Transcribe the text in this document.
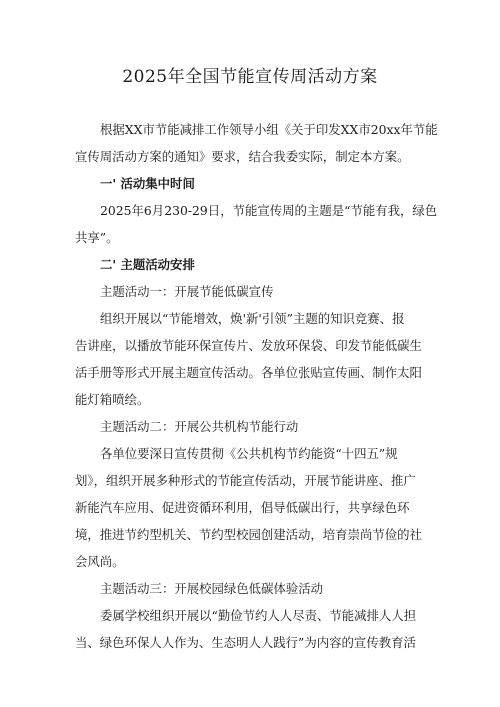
2025年全国节能宣传周活动方案
根据XX市节能减排工作领导小组《关于印发XX市20xx年节能
宣传周活动方案的通知》要求，结合我委实际，制定本方案。
一' 活动集中时间
2025年6月230-29日，节能宣传周的主题是“节能有我，绿色
共享”。
二' 主题活动安排
主题活动一：开展节能低碳宣传
组织开展以“节能增效，焕'新'引领”主题的知识竞赛、报
告讲座，以播放节能环保宣传片、发放环保袋、印发节能低碳生
活手册等形式开展主题宣传活动。各单位张贴宣传画、制作太阳
能灯箱喷绘。
主题活动二：开展公共机构节能行动
各单位要深日宣传贯彻《公共机构节约能资“十四五”规
划》，组织开展多种形式的节能宣传活动，开展节能讲座、推广
新能汽车应用、促进资循环利用，倡导低碳出行，共享绿色环
境，推进节约型机关、节约型校园创建活动，培育崇尚节俭的社
会风尚。
主题活动三：开展校园绿色低碳体验活动
委属学校组织开展以“勤俭节约人人尽责、节能减排人人担
当、绿色环保人人作为、生态明人人践行”为内容的宣传教育活
